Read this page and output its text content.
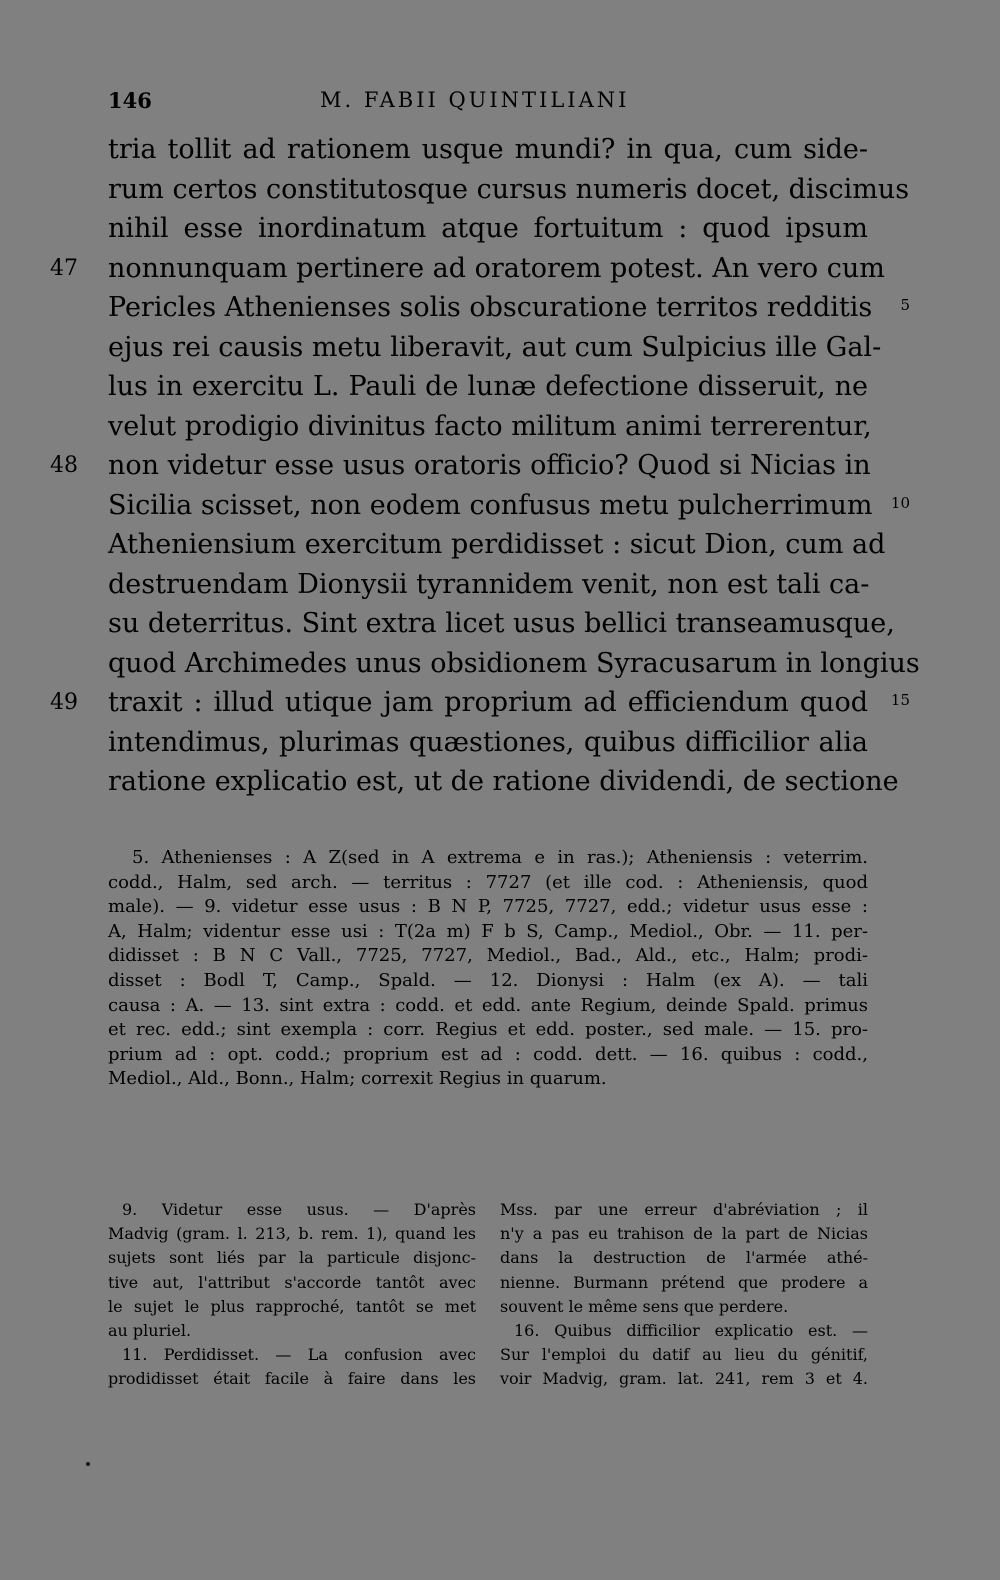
146	M. FABII QUINTILIANI
tria tollit ad rationem usque mundi? in qua, cum side-
rum certos constitutosque cursus numeris docet, discimus
nihil esse inordinatum atque fortuitum : quod ipsum
47 nonnunquam pertinere ad oratorem potest. An vero cum
Pericles Athenienses solis obscuratione territos redditis 5
ejus rei causis metu liberavit, aut cum Sulpicius ille Gal-
lus in exercitu L. Pauli de lunæ defectione disseruit, ne
velut prodigio divinitus facto militum animi terrerentur,
48 non videtur esse usus oratoris officio? Quod si Nicias in
Sicilia scisset, non eodem confusus metu pulcherrimum 10
Atheniensium exercitum perdidisset : sicut Dion, cum ad
destruendam Dionysii tyrannidem venit, non est tali ca-
su deterritus. Sint extra licet usus bellici transeamusque,
quod Archimedes unus obsidionem Syracusarum in longius
49 traxit : illud utique jam proprium ad efficiendum quod 15
intendimus, plurimas quæstiones, quibus difficilior alia
ratione explicatio est, ut de ratione dividendi, de sectione
5. Athenienses : A Z(sed in A extrema e in ras.); Atheniensis : veterrim.
codd., Halm, sed arch. — territus : 7727 (et ille cod. : Atheniensis, quod
male). — 9. videtur esse usus : B N P, 7725, 7727, edd.; videtur usus esse :
A, Halm; videntur esse usi : T(2a m) F b S, Camp., Mediol., Obr. — 11. per-
didisset : B N C Vall., 7725, 7727, Mediol., Bad., Ald., etc., Halm; prodi-
disset : Bodl T, Camp., Spald. — 12. Dionysi : Halm (ex A). — tali
causa : A. — 13. sint extra : codd. et edd. ante Regium, deinde Spald. primus
et rec. edd.; sint exempla : corr. Regius et edd. poster., sed male. — 15. pro-
prium ad : opt. codd.; proprium est ad : codd. dett. — 16. quibus : codd.,
Mediol., Ald., Bonn., Halm; correxit Regius in quarum.
9. Videtur esse usus. — D'après
Madvig (gram. l. 213, b. rem. 1), quand les
sujets sont liés par la particule disjonc-
tive aut, l'attribut s'accorde tantôt avec
le sujet le plus rapproché, tantôt se met
au pluriel.
11. Perdidisset. — La confusion avec
prodidisset était facile à faire dans les
Mss. par une erreur d'abréviation ; il
n'y a pas eu trahison de la part de Nicias
dans la destruction de l'armée athé-
nienne. Burmann prétend que prodere a
souvent le même sens que perdere.
16. Quibus difficilior explicatio est. —
Sur l'emploi du datif au lieu du génitif,
voir Madvig, gram. lat. 241, rem 3 et 4.
